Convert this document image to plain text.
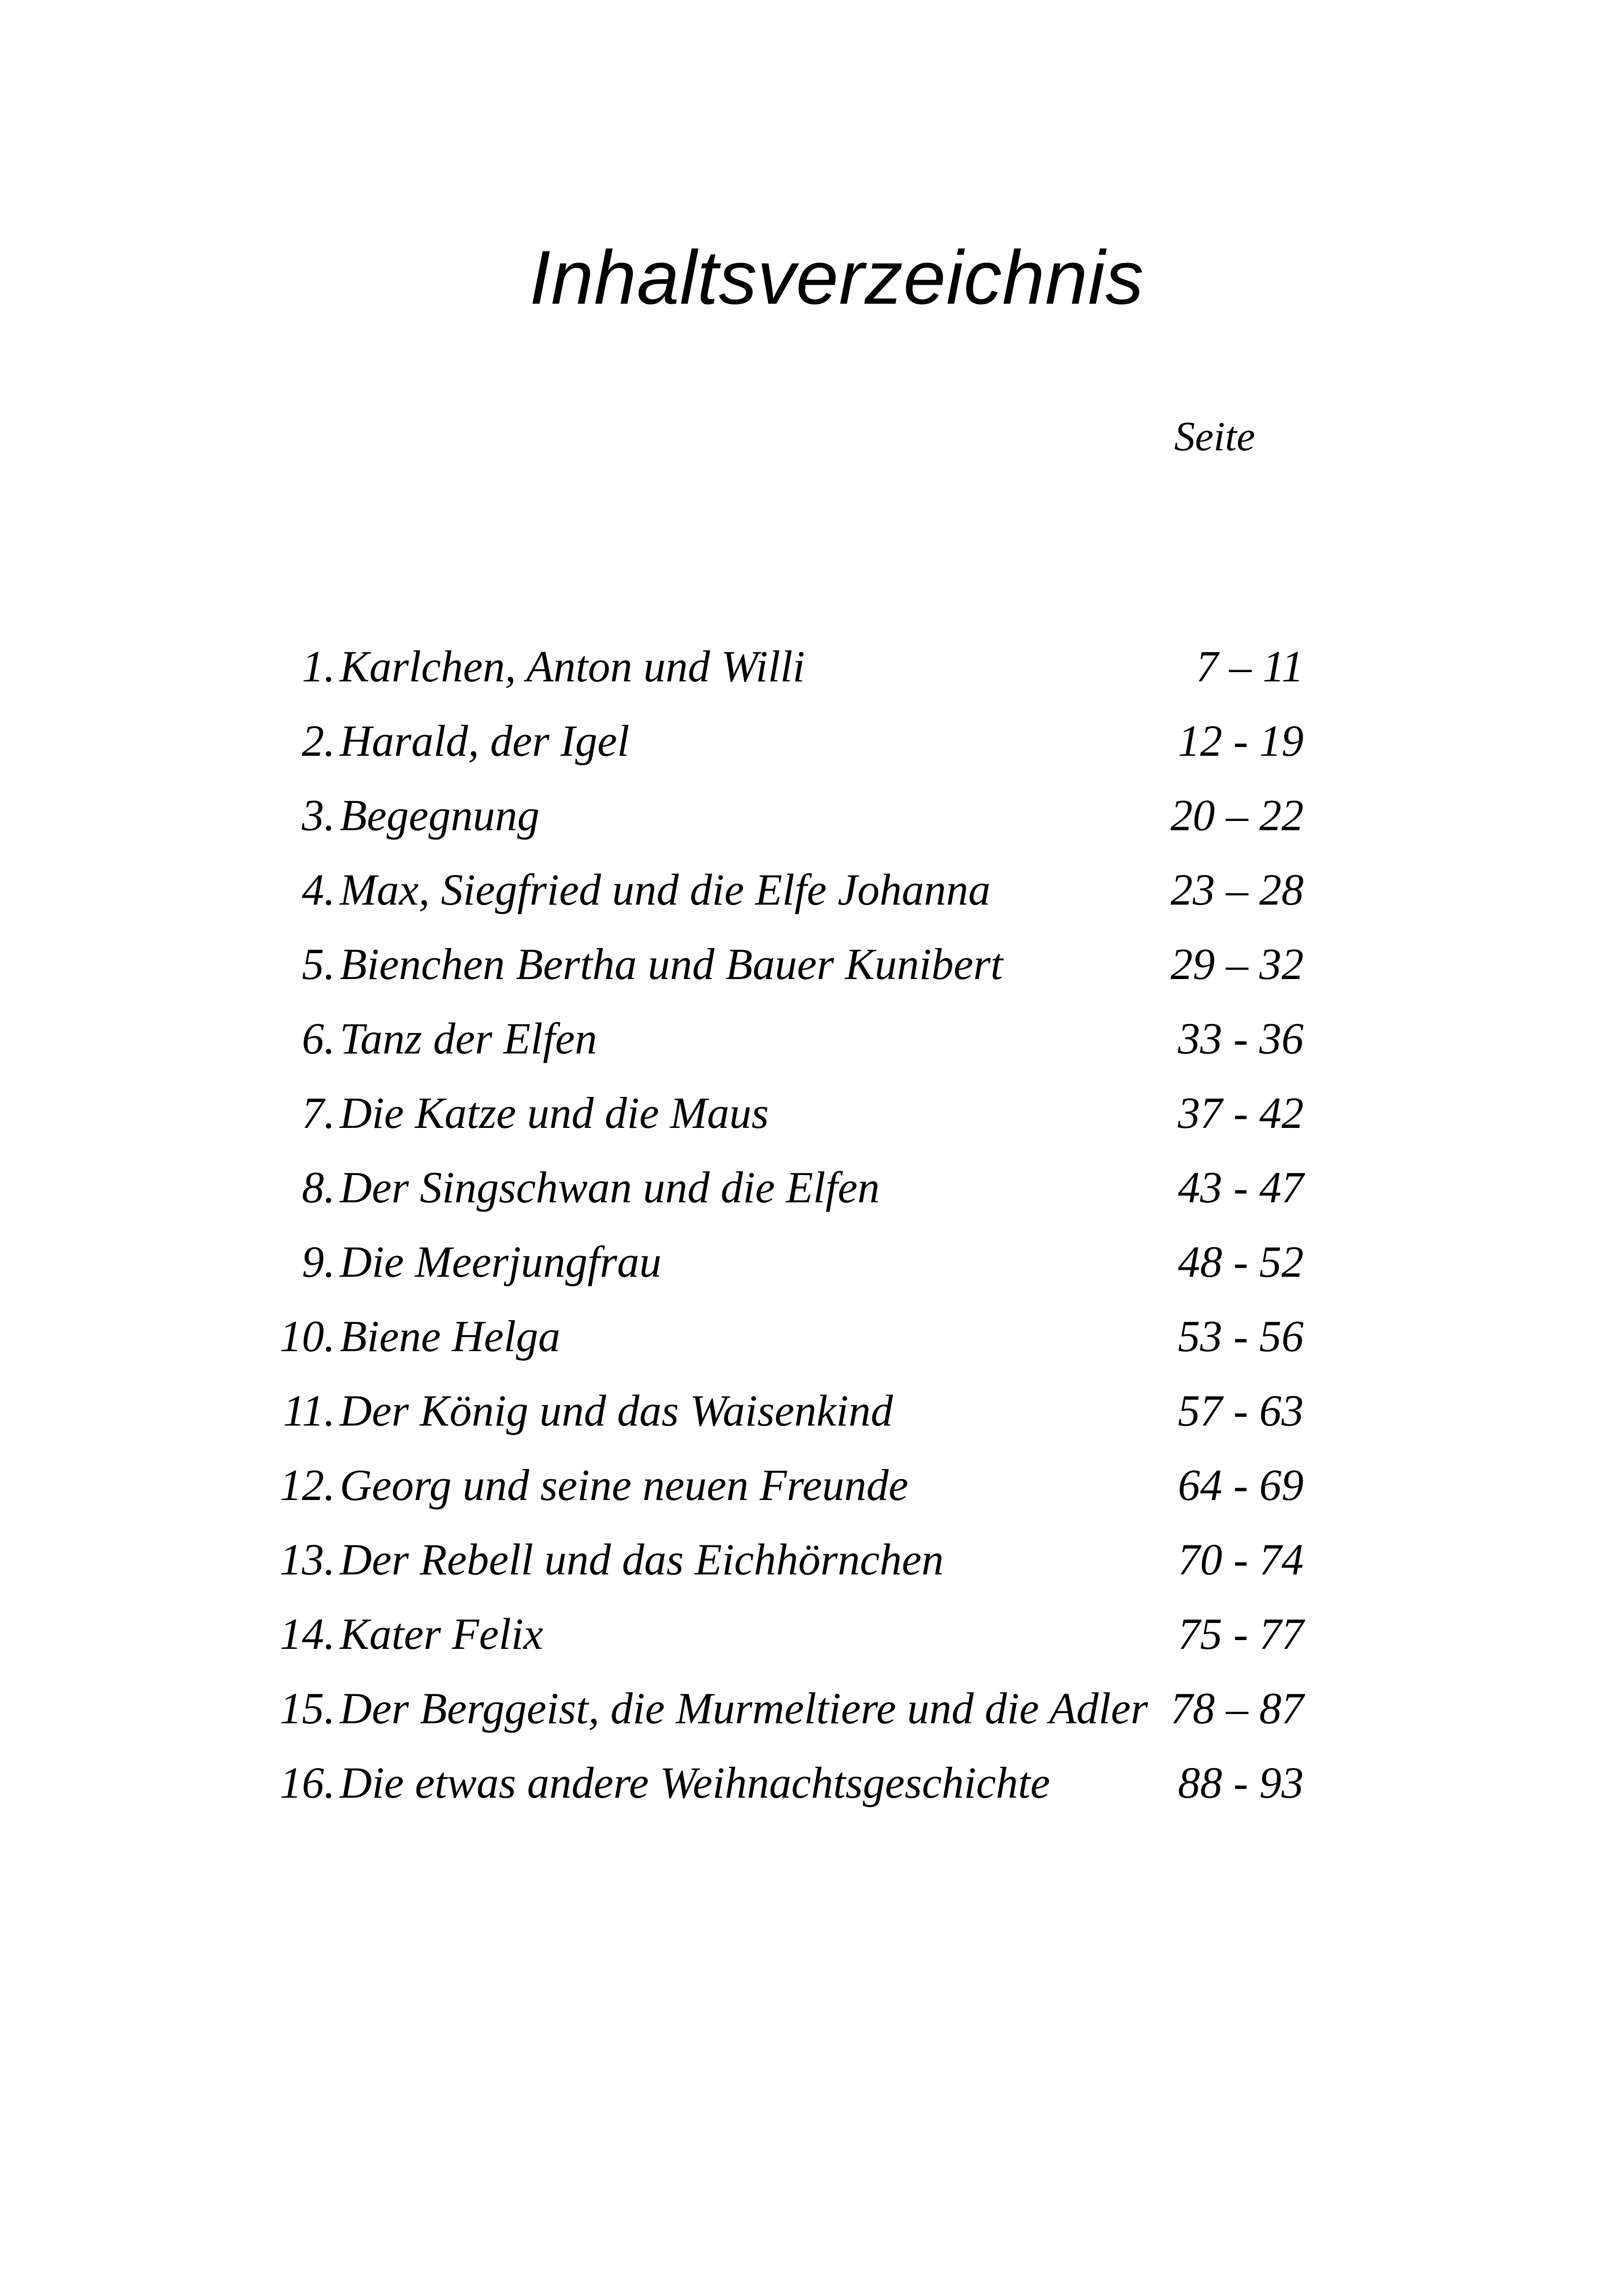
Inhaltsverzeichnis
Seite
1. Karlchen, Anton und Willi	7 – 11
2. Harald, der Igel	12 - 19
3. Begegnung	20 – 22
4. Max, Siegfried und die Elfe Johanna	23 – 28
5. Bienchen Bertha und Bauer Kunibert	29 – 32
6. Tanz der Elfen	33 - 36
7. Die Katze und die Maus	37 - 42
8. Der Singschwan und die Elfen	43 - 47
9. Die Meerjungfrau	48 - 52
10. Biene Helga	53 - 56
11. Der König und das Waisenkind	57 - 63
12. Georg und seine neuen Freunde	64 - 69
13. Der Rebell und das Eichhörnchen	70 - 74
14. Kater Felix	75 - 77
15. Der Berggeist, die Murmeltiere und die Adler 78 – 87
16. Die etwas andere Weihnachtsgeschichte	88 - 93
